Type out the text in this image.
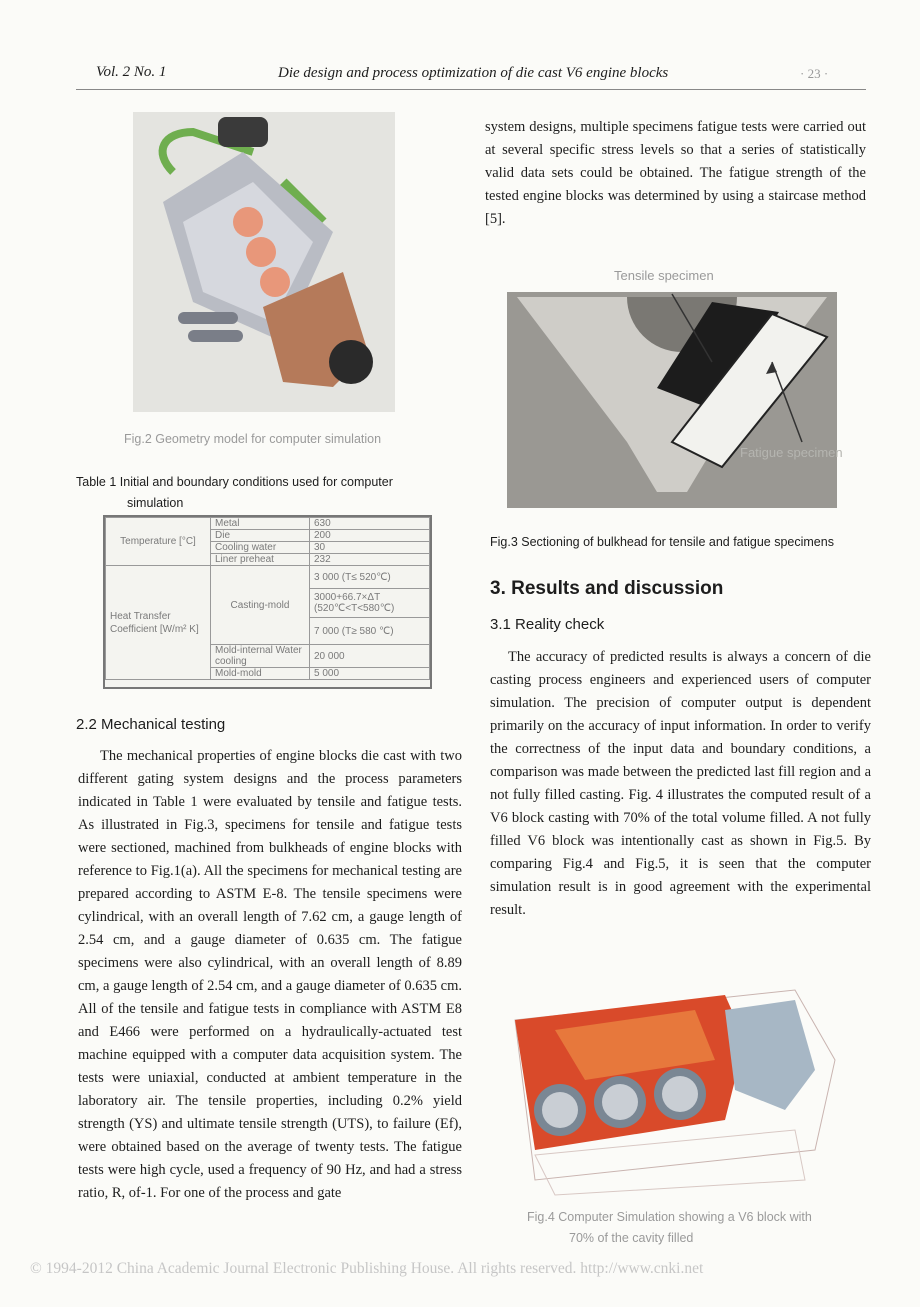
Vol. 2 No. 1	Die design and process optimization of die cast V6 engine blocks	· 23 ·
Fig.2 Geometry model for computer simulation
Table 1 Initial and boundary conditions used for computer
simulation
Temperature [°C]	Metal	630
	Die	200
	Cooling water	30
	Liner preheat	232
Heat Transfer Coefficient [W/m² K]	Casting-mold	3 000 (T≤ 520℃)
		3000+66.7×ΔT (520℃<T<580℃)
		7 000 (T≥ 580 ℃)
	Mold-internal Water cooling	20 000
	Mold-mold	5 000
2.2 Mechanical testing
The mechanical properties of engine blocks die cast with two different gating system designs and the process parameters indicated in Table 1 were evaluated by tensile and fatigue tests. As illustrated in Fig.3, specimens for tensile and fatigue tests were sectioned, machined from bulkheads of engine blocks with reference to Fig.1(a). All the specimens for mechanical testing are prepared according to ASTM E-8. The tensile specimens were cylindrical, with an overall length of 7.62 cm, a gauge length of 2.54 cm, and a gauge diameter of 0.635 cm. The fatigue specimens were also cylindrical, with an overall length of 8.89 cm, a gauge length of 2.54 cm, and a gauge diameter of 0.635 cm. All of the tensile and fatigue tests in compliance with ASTM E8 and E466 were performed on a hydraulically-actuated test machine equipped with a computer data acquisition system. The tests were uniaxial, conducted at ambient temperature in the laboratory air. The tensile properties, including 0.2% yield strength (YS) and ultimate tensile strength (UTS), to failure (Ef), were obtained based on the average of twenty tests. The fatigue tests were high cycle, used a frequency of 90 Hz, and had a stress ratio, R, of-1. For one of the process and gate
system designs, multiple specimens fatigue tests were carried out at several specific stress levels so that a series of statistically valid data sets could be obtained. The fatigue strength of the tested engine blocks was determined by using a staircase method [5].
Tensile specimen
Fatigue specimen
Fig.3 Sectioning of bulkhead for tensile and fatigue specimens
3. Results and discussion
3.1 Reality check
The accuracy of predicted results is always a concern of die casting process engineers and experienced users of computer simulation. The precision of computer output is dependent primarily on the accuracy of input information. In order to verify the correctness of the input data and boundary conditions, a comparison was made between the predicted last fill region and a not fully filled casting. Fig. 4 illustrates the computed result of a V6 block casting with 70% of the total volume filled. A not fully filled V6 block was intentionally cast as shown in Fig.5. By comparing Fig.4 and Fig.5, it is seen that the computer simulation result is in good agreement with the experimental result.
Fig.4 Computer Simulation showing a V6 block with
70% of the cavity filled
© 1994-2012 China Academic Journal Electronic Publishing House. All rights reserved. http://www.cnki.net
